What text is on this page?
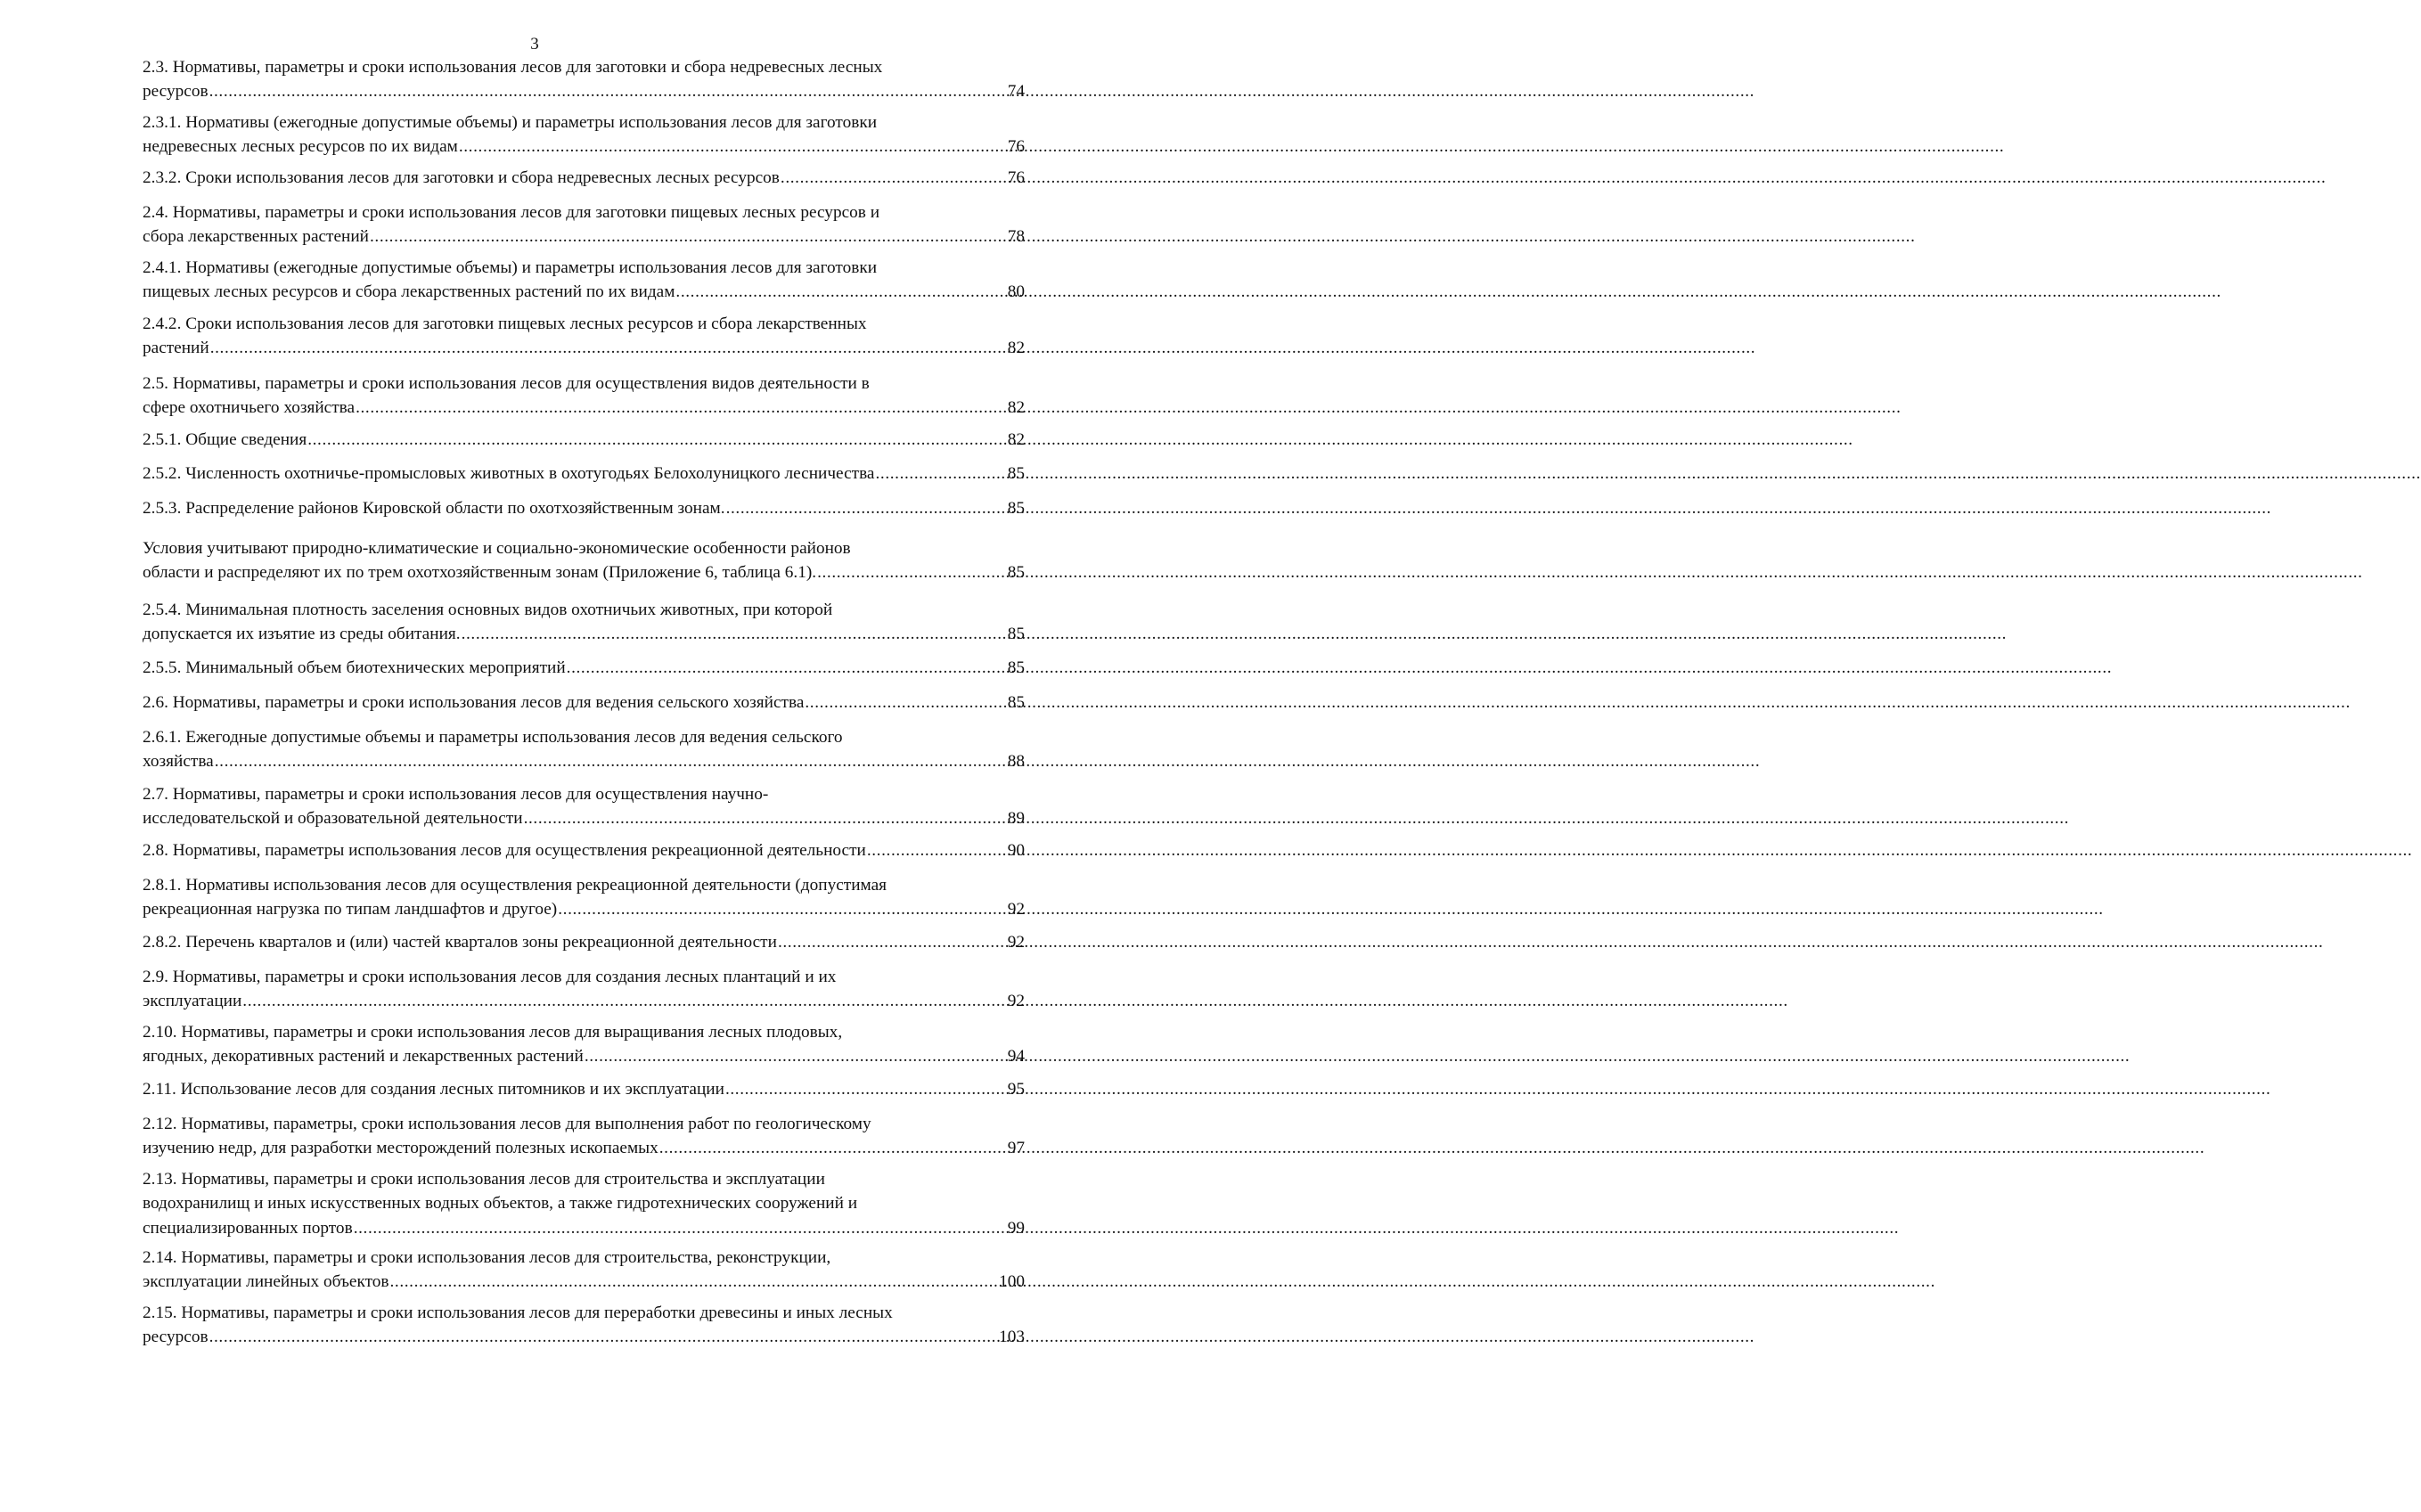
3
2.3. Нормативы, параметры и сроки использования лесов для заготовки и сбора недревесных лесных
ресурсов .....	74
2.3.1. Нормативы (ежегодные допустимые объемы) и параметры использования лесов для заготовки
недревесных лесных ресурсов по их видам .....	76
2.3.2. Сроки использования лесов для заготовки и сбора недревесных лесных ресурсов .....	76
2.4. Нормативы, параметры и сроки использования лесов для заготовки пищевых лесных ресурсов и
сбора лекарственных растений .....	78
2.4.1. Нормативы (ежегодные допустимые объемы) и параметры использования лесов для заготовки
пищевых лесных ресурсов и сбора лекарственных растений по их видам .....	80
2.4.2. Сроки использования лесов для заготовки пищевых лесных ресурсов и сбора лекарственных
растений .....	82
2.5. Нормативы, параметры и сроки использования лесов для осуществления видов деятельности в
сфере охотничьего хозяйства .....	82
2.5.1. Общие сведения .....	82
2.5.2. Численность охотничье-промысловых животных в охотугодьях Белохолуницкого лесничества .....	85
2.5.3. Распределение районов Кировской области по охотхозяйственным зонам. .....	85
Условия учитывают природно-климатические и социально-экономические особенности районов
области и распределяют их по трем охотхозяйственным зонам (Приложение 6, таблица 6.1). .....	85
2.5.4. Минимальная плотность заселения основных видов охотничьих животных, при которой
допускается их изъятие из среды обитания. .....	85
2.5.5. Минимальный объем биотехнических мероприятий .....	85
2.6. Нормативы, параметры и сроки использования лесов для ведения сельского хозяйства .....	85
2.6.1. Ежегодные допустимые объемы и параметры использования лесов для ведения сельского
хозяйства .....	88
2.7. Нормативы, параметры и сроки использования лесов для осуществления научно-
исследовательской и образовательной деятельности .....	89
2.8. Нормативы, параметры использования лесов для осуществления рекреационной деятельности .....	90
2.8.1. Нормативы использования лесов для осуществления рекреационной деятельности (допустимая
рекреационная нагрузка по типам ландшафтов и другое) .....	92
2.8.2. Перечень кварталов и (или) частей кварталов зоны рекреационной деятельности .....	92
2.9. Нормативы, параметры и сроки использования лесов для создания лесных плантаций и их
эксплуатации .....	92
2.10. Нормативы, параметры и сроки использования лесов для выращивания лесных плодовых,
ягодных, декоративных растений и лекарственных растений .....	94
2.11. Использование лесов для создания лесных питомников и их эксплуатации .....	95
2.12. Нормативы, параметры, сроки использования лесов для выполнения работ по геологическому
изучению недр, для разработки месторождений полезных ископаемых .....	97
2.13. Нормативы, параметры и сроки использования лесов для строительства и эксплуатации
водохранилищ и иных искусственных водных объектов, а также гидротехнических сооружений и
специализированных портов .....	99
2.14. Нормативы, параметры и сроки использования лесов для строительства, реконструкции,
эксплуатации линейных объектов .....	100
2.15. Нормативы, параметры и сроки использования лесов для переработки древесины и иных лесных
ресурсов .....	103
